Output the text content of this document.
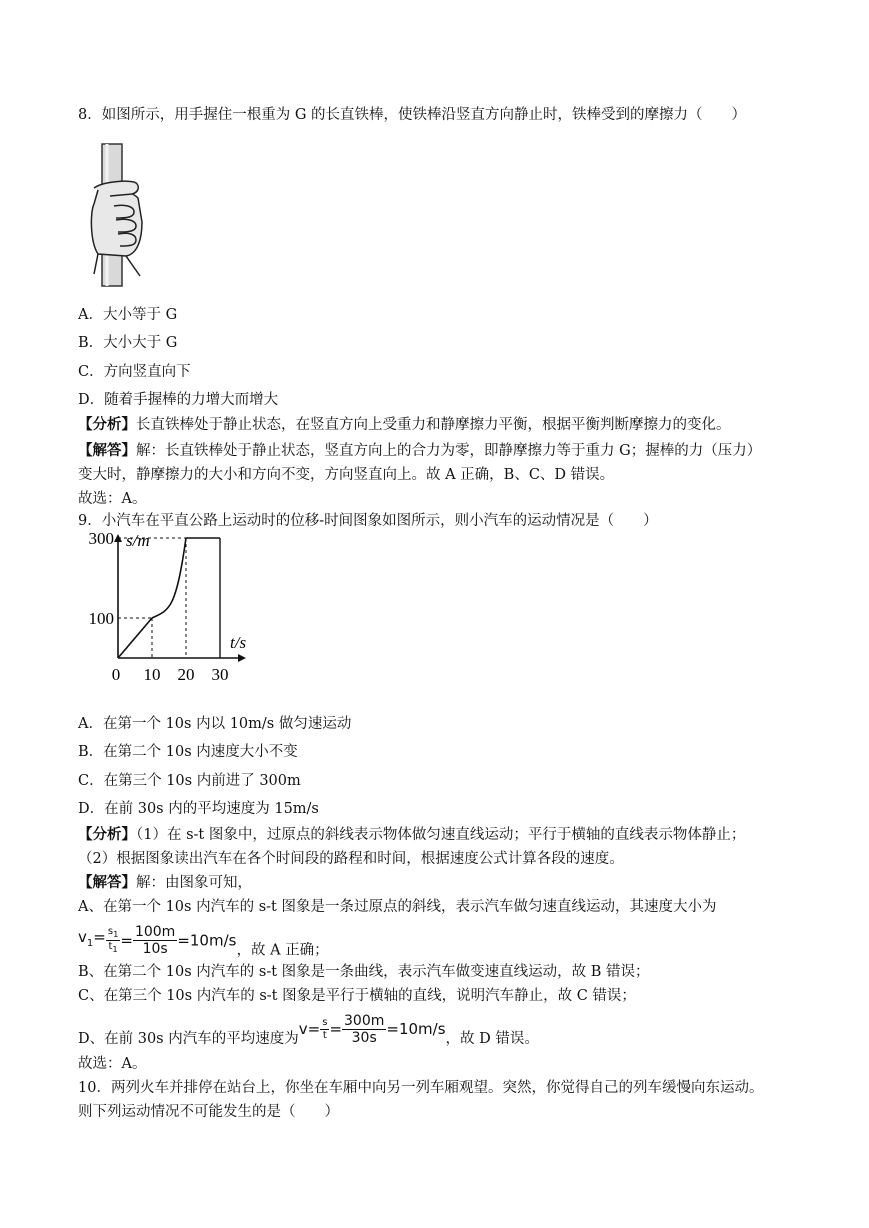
8．如图所示，用手握住一根重为 G 的长直铁棒，使铁棒沿竖直方向静止时，铁棒受到的摩擦力（　　）
A．大小等于 G
B．大小大于 G
C．方向竖直向下
D．随着手握棒的力增大而增大
【分析】长直铁棒处于静止状态，在竖直方向上受重力和静摩擦力平衡，根据平衡判断摩擦力的变化。
【解答】解：长直铁棒处于静止状态，竖直方向上的合力为零，即静摩擦力等于重力 G；握棒的力（压力）
变大时，静摩擦力的大小和方向不变，方向竖直向上。故 A 正确，B、C、D 错误。
故选：A。
9．小汽车在平直公路上运动时的位移-时间图象如图所示，则小汽车的运动情况是（　　）
0 10 20 30
100
300 s/m
t/s
A．在第一个 10s 内以 10m/s 做匀速运动
B．在第二个 10s 内速度大小不变
C．在第三个 10s 内前进了 300m
D．在前 30s 内的平均速度为 15m/s
【分析】（1）在 s-t 图象中，过原点的斜线表示物体做匀速直线运动；平行于横轴的直线表示物体静止；
（2）根据图象读出汽车在各个时间段的路程和时间，根据速度公式计算各段的速度。
【解答】解：由图象可知，
A、在第一个 10s 内汽车的 s-t 图象是一条过原点的斜线，表示汽车做匀速直线运动，其速度大小为
$v_1= \frac{s_1}{t_1} = \frac{100m}{10s} =10m/s$，故 A 正确；
B、在第二个 10s 内汽车的 s-t 图象是一条曲线，表示汽车做变速直线运动，故 B 错误；
C、在第三个 10s 内汽车的 s-t 图象是平行于横轴的直线，说明汽车静止，故 C 错误；
D、在前 30s 内汽车的平均速度为$v= \frac{s}{t} = \frac{300m}{30s} =10m/s$，故 D 错误。
故选：A。
10．两列火车并排停在站台上，你坐在车厢中向另一列车厢观望。突然，你觉得自己的列车缓慢向东运动。
则下列运动情况不可能发生的是（　　）
